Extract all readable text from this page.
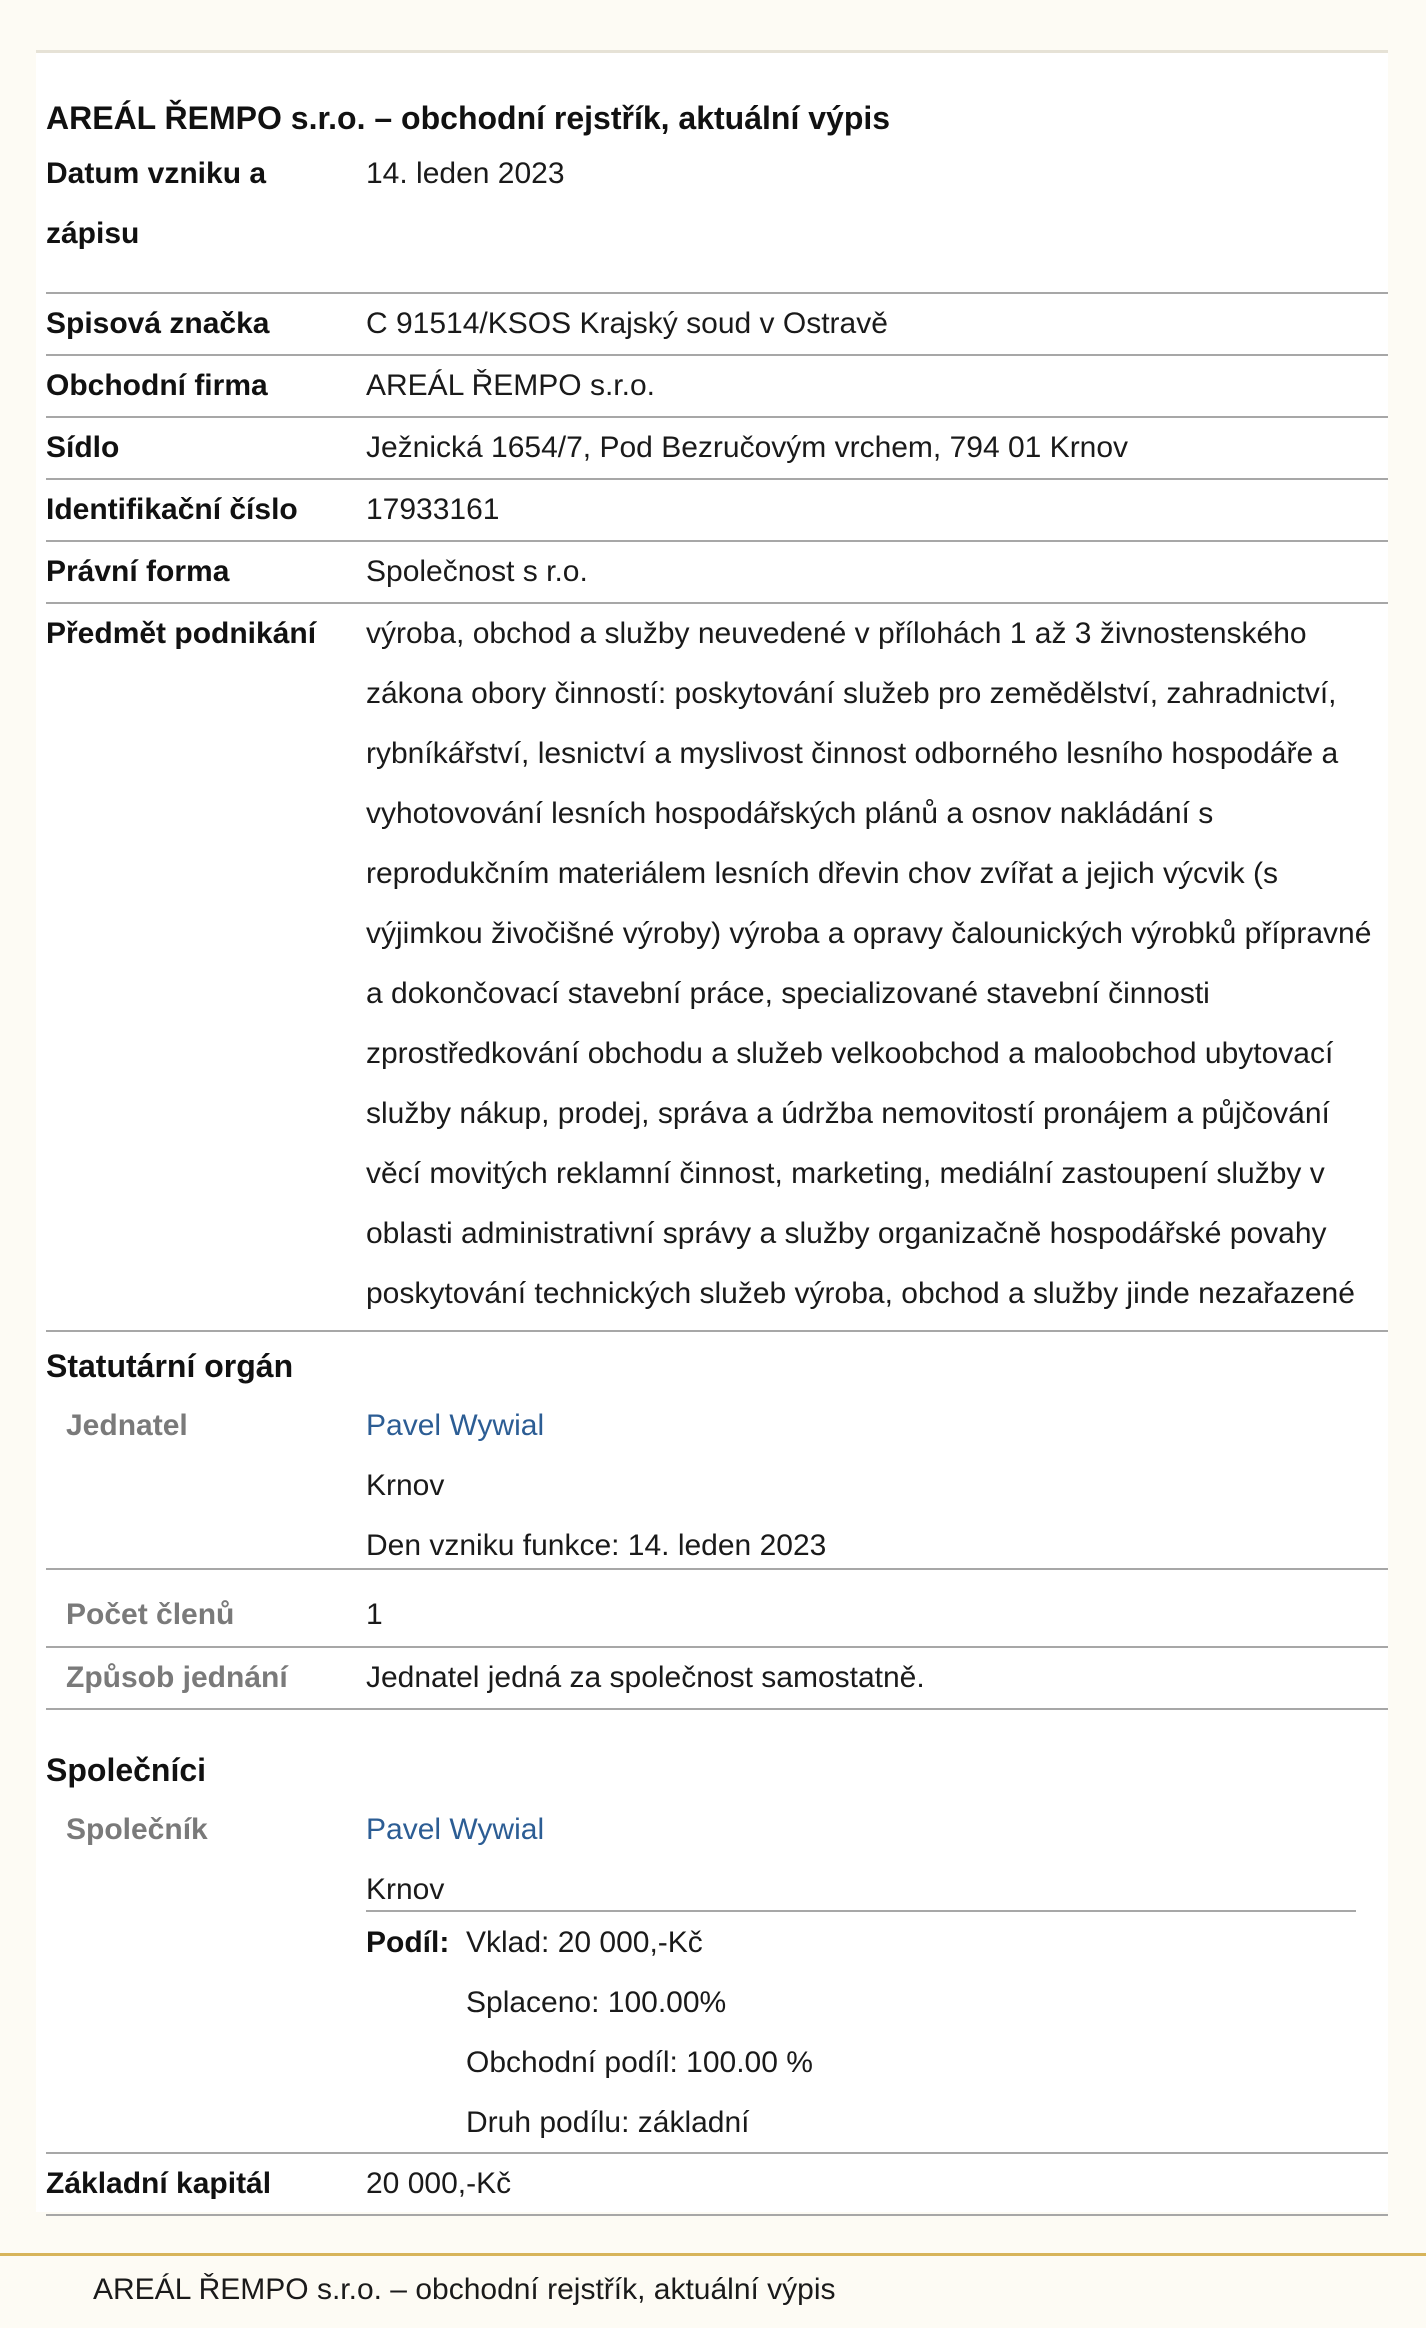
AREÁL ŘEMPO s.r.o. – obchodní rejstřík, aktuální výpis
Datum vzniku a
zápisu
14. leden 2023
Spisová značka	C 91514/KSOS Krajský soud v Ostravě
Obchodní firma	AREÁL ŘEMPO s.r.o.
Sídlo	Ježnická 1654/7, Pod Bezručovým vrchem, 794 01 Krnov
Identifikační číslo 17933161
Právní forma	Společnost s r.o.
Předmět podnikání výroba, obchod a služby neuvedené v přílohách 1 až 3 živnostenského
zákona obory činností: poskytování služeb pro zemědělství, zahradnictví,
rybníkářství, lesnictví a myslivost činnost odborného lesního hospodáře a
vyhotovování lesních hospodářských plánů a osnov nakládání s
reprodukčním materiálem lesních dřevin chov zvířat a jejich výcvik (s
výjimkou živočišné výroby) výroba a opravy čalounických výrobků přípravné
a dokončovací stavební práce, specializované stavební činnosti
zprostředkování obchodu a služeb velkoobchod a maloobchod ubytovací
služby nákup, prodej, správa a údržba nemovitostí pronájem a půjčování
věcí movitých reklamní činnost, marketing, mediální zastoupení služby v
oblasti administrativní správy a služby organizačně hospodářské povahy
poskytování technických služeb výroba, obchod a služby jinde nezařazené
Statutární orgán
Jednatel	Pavel Wywial
Krnov
Den vzniku funkce: 14. leden 2023
Počet členů	1
Způsob jednání	Jednatel jedná za společnost samostatně.
Společníci
Společník	Pavel Wywial
Krnov
Podíl: Vklad: 20 000,-Kč
Splaceno: 100.00%
Obchodní podíl: 100.00 %
Druh podílu: základní
Základní kapitál	20 000,-Kč
AREÁL ŘEMPO s.r.o. – obchodní rejstřík, aktuální výpis
